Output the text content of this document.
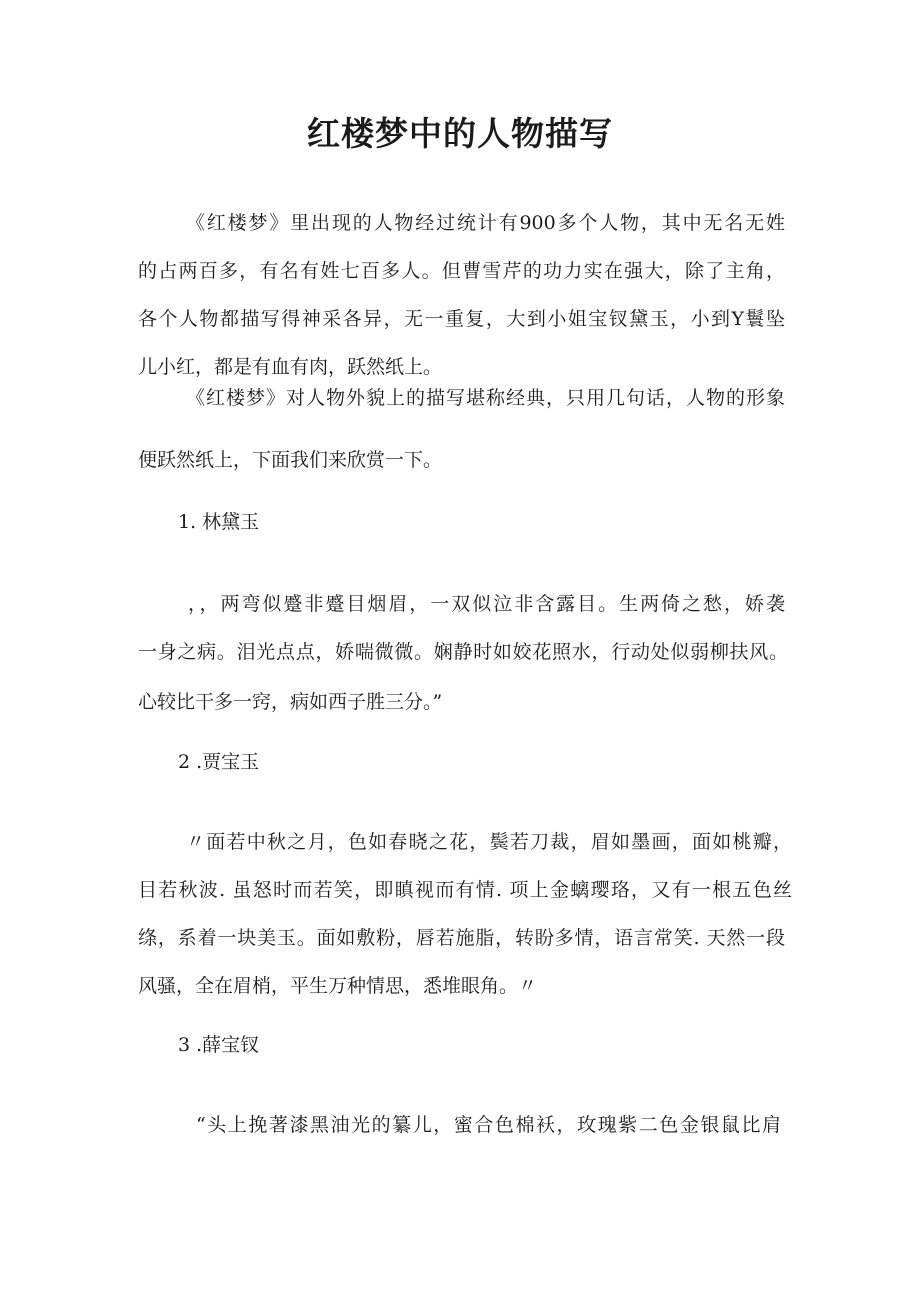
红楼梦中的人物描写

《红楼梦》里出现的人物经过统计有900多个人物，其中无名无姓

的占两百多，有名有姓七百多人。但曹雪芹的功力实在强大，除了主角，

各个人物都描写得神采各异，无一重复，大到小姐宝钗黛玉，小到Y鬟坠

儿小红，都是有血有肉，跃然纸上。

《红楼梦》对人物外貌上的描写堪称经典，只用几句话，人物的形象

便跃然纸上，下面我们来欣赏一下。

1. 林黛玉

，，两弯似蹙非蹙目烟眉，一双似泣非含露目。生两倚之愁，娇袭

一身之病。泪光点点，娇喘微微。娴静时如姣花照水，行动处似弱柳扶风。

心较比干多一窍，病如西子胜三分。”

2 .贾宝玉

〃面若中秋之月，色如春晓之花，鬓若刀裁，眉如墨画，面如桃瓣，

目若秋波. 虽怒时而若笑，即瞋视而有情. 项上金螭璎珞，又有一根五色丝

绦，系着一块美玉。面如敷粉，唇若施脂，转盼多情，语言常笑. 天然一段

风骚，全在眉梢，平生万种情思，悉堆眼角。〃

3 .薛宝钗

“头上挽著漆黑油光的纂儿，蜜合色棉袄，玫瑰紫二色金银鼠比肩
